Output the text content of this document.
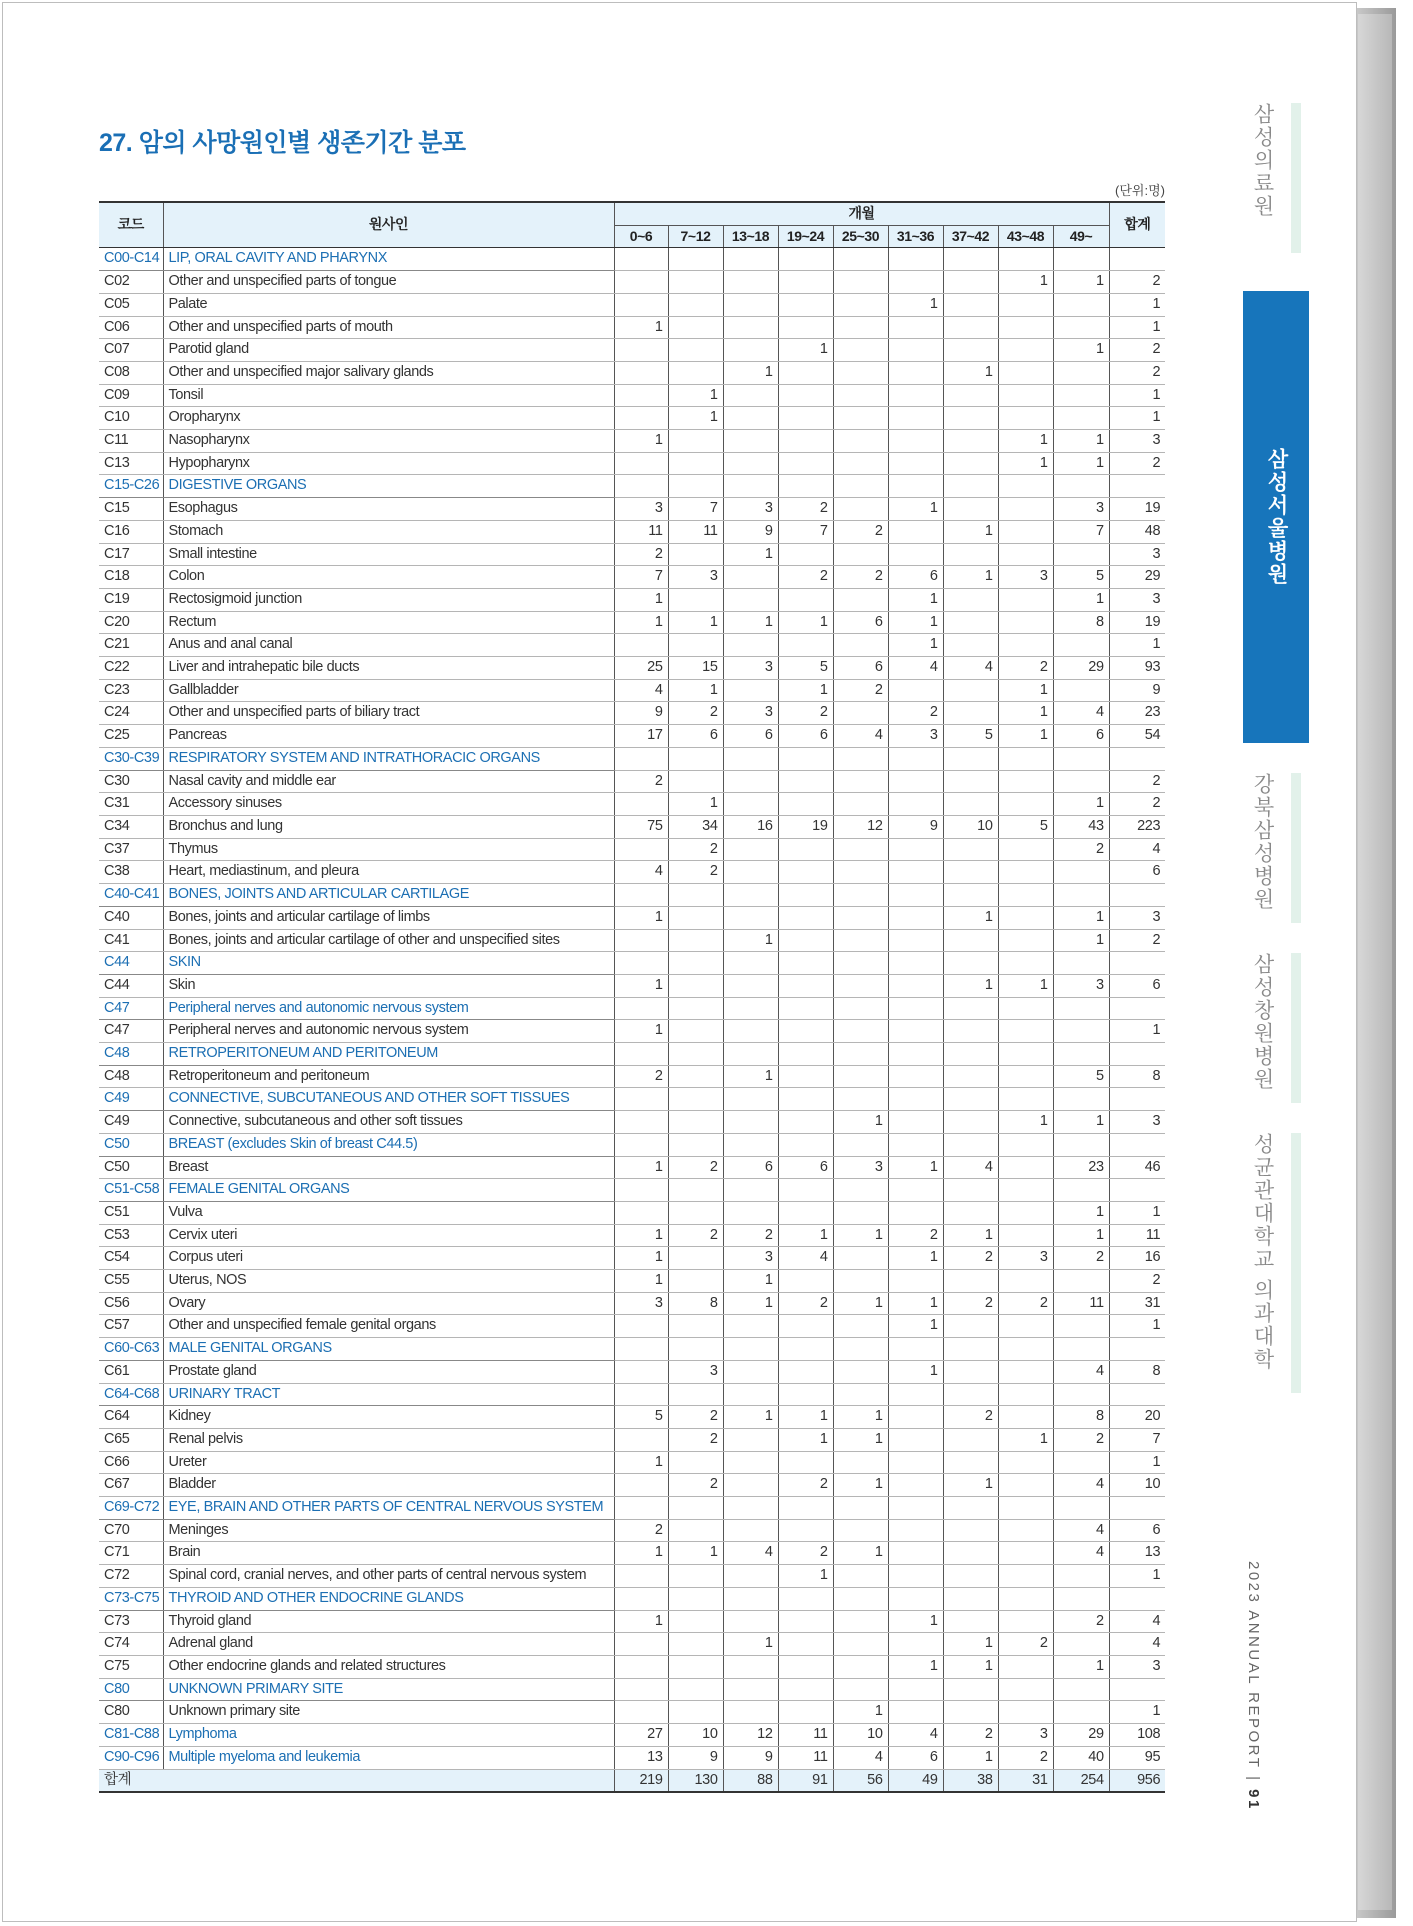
27. 암의 사망원인별 생존기간 분포
(단위:명)
코드	원사인	개월									합계
		0~6	7~12	13~18	19~24	25~30	31~36	37~42	43~48	49~	
C00-C14	LIP, ORAL CAVITY AND PHARYNX										
C02	Other and unspecified parts of tongue								1	1	2
C05	Palate						1				1
C06	Other and unspecified parts of mouth	1									1
C07	Parotid gland				1					1	2
C08	Other and unspecified major salivary glands			1				1			2
C09	Tonsil		1								1
C10	Oropharynx		1								1
C11	Nasopharynx	1							1	1	3
C13	Hypopharynx								1	1	2
C15-C26	DIGESTIVE ORGANS										
C15	Esophagus	3	7	3	2		1			3	19
C16	Stomach	11	11	9	7	2		1		7	48
C17	Small intestine	2		1							3
C18	Colon	7	3		2	2	6	1	3	5	29
C19	Rectosigmoid junction	1					1			1	3
C20	Rectum	1	1	1	1	6	1			8	19
C21	Anus and anal canal						1				1
C22	Liver and intrahepatic bile ducts	25	15	3	5	6	4	4	2	29	93
C23	Gallbladder	4	1		1	2			1		9
C24	Other and unspecified parts of biliary tract	9	2	3	2		2		1	4	23
C25	Pancreas	17	6	6	6	4	3	5	1	6	54
C30-C39	RESPIRATORY SYSTEM AND INTRATHORACIC ORGANS										
C30	Nasal cavity and middle ear	2									2
C31	Accessory sinuses		1							1	2
C34	Bronchus and lung	75	34	16	19	12	9	10	5	43	223
C37	Thymus		2							2	4
C38	Heart, mediastinum, and pleura	4	2								6
C40-C41	BONES, JOINTS AND ARTICULAR CARTILAGE										
C40	Bones, joints and articular cartilage of limbs	1						1		1	3
C41	Bones, joints and articular cartilage of other and unspecified sites			1						1	2
C44	SKIN										
C44	Skin	1						1	1	3	6
C47	Peripheral nerves and autonomic nervous system										
C47	Peripheral nerves and autonomic nervous system	1									1
C48	RETROPERITONEUM AND PERITONEUM										
C48	Retroperitoneum and peritoneum	2		1						5	8
C49	CONNECTIVE, SUBCUTANEOUS AND OTHER SOFT TISSUES										
C49	Connective, subcutaneous and other soft tissues					1			1	1	3
C50	BREAST (excludes Skin of breast C44.5)										
C50	Breast	1	2	6	6	3	1	4		23	46
C51-C58	FEMALE GENITAL ORGANS										
C51	Vulva									1	1
C53	Cervix uteri	1	2	2	1	1	2	1		1	11
C54	Corpus uteri	1		3	4		1	2	3	2	16
C55	Uterus, NOS	1		1							2
C56	Ovary	3	8	1	2	1	1	2	2	11	31
C57	Other and unspecified female genital organs						1				1
C60-C63	MALE GENITAL ORGANS										
C61	Prostate gland		3				1			4	8
C64-C68	URINARY TRACT										
C64	Kidney	5	2	1	1	1		2		8	20
C65	Renal pelvis		2		1	1			1	2	7
C66	Ureter	1									1
C67	Bladder		2		2	1		1		4	10
C69-C72	EYE, BRAIN AND OTHER PARTS OF CENTRAL NERVOUS SYSTEM										
C70	Meninges	2								4	6
C71	Brain	1	1	4	2	1				4	13
C72	Spinal cord, cranial nerves, and other parts of central nervous system				1						1
C73-C75	THYROID AND OTHER ENDOCRINE GLANDS										
C73	Thyroid gland	1					1			2	4
C74	Adrenal gland			1				1	2		4
C75	Other endocrine glands and related structures						1	1		1	3
C80	UNKNOWN PRIMARY SITE										
C80	Unknown primary site					1					1
C81-C88	Lymphoma	27	10	12	11	10	4	2	3	29	108
C90-C96	Multiple myeloma and leukemia	13	9	9	11	4	6	1	2	40	95
합계		219	130	88	91	56	49	38	31	254	956
삼성의료원
삼성서울병원
강북삼성병원
삼성창원병원
성균관대학교 의과대학
2023 ANNUAL REPORT | 91
